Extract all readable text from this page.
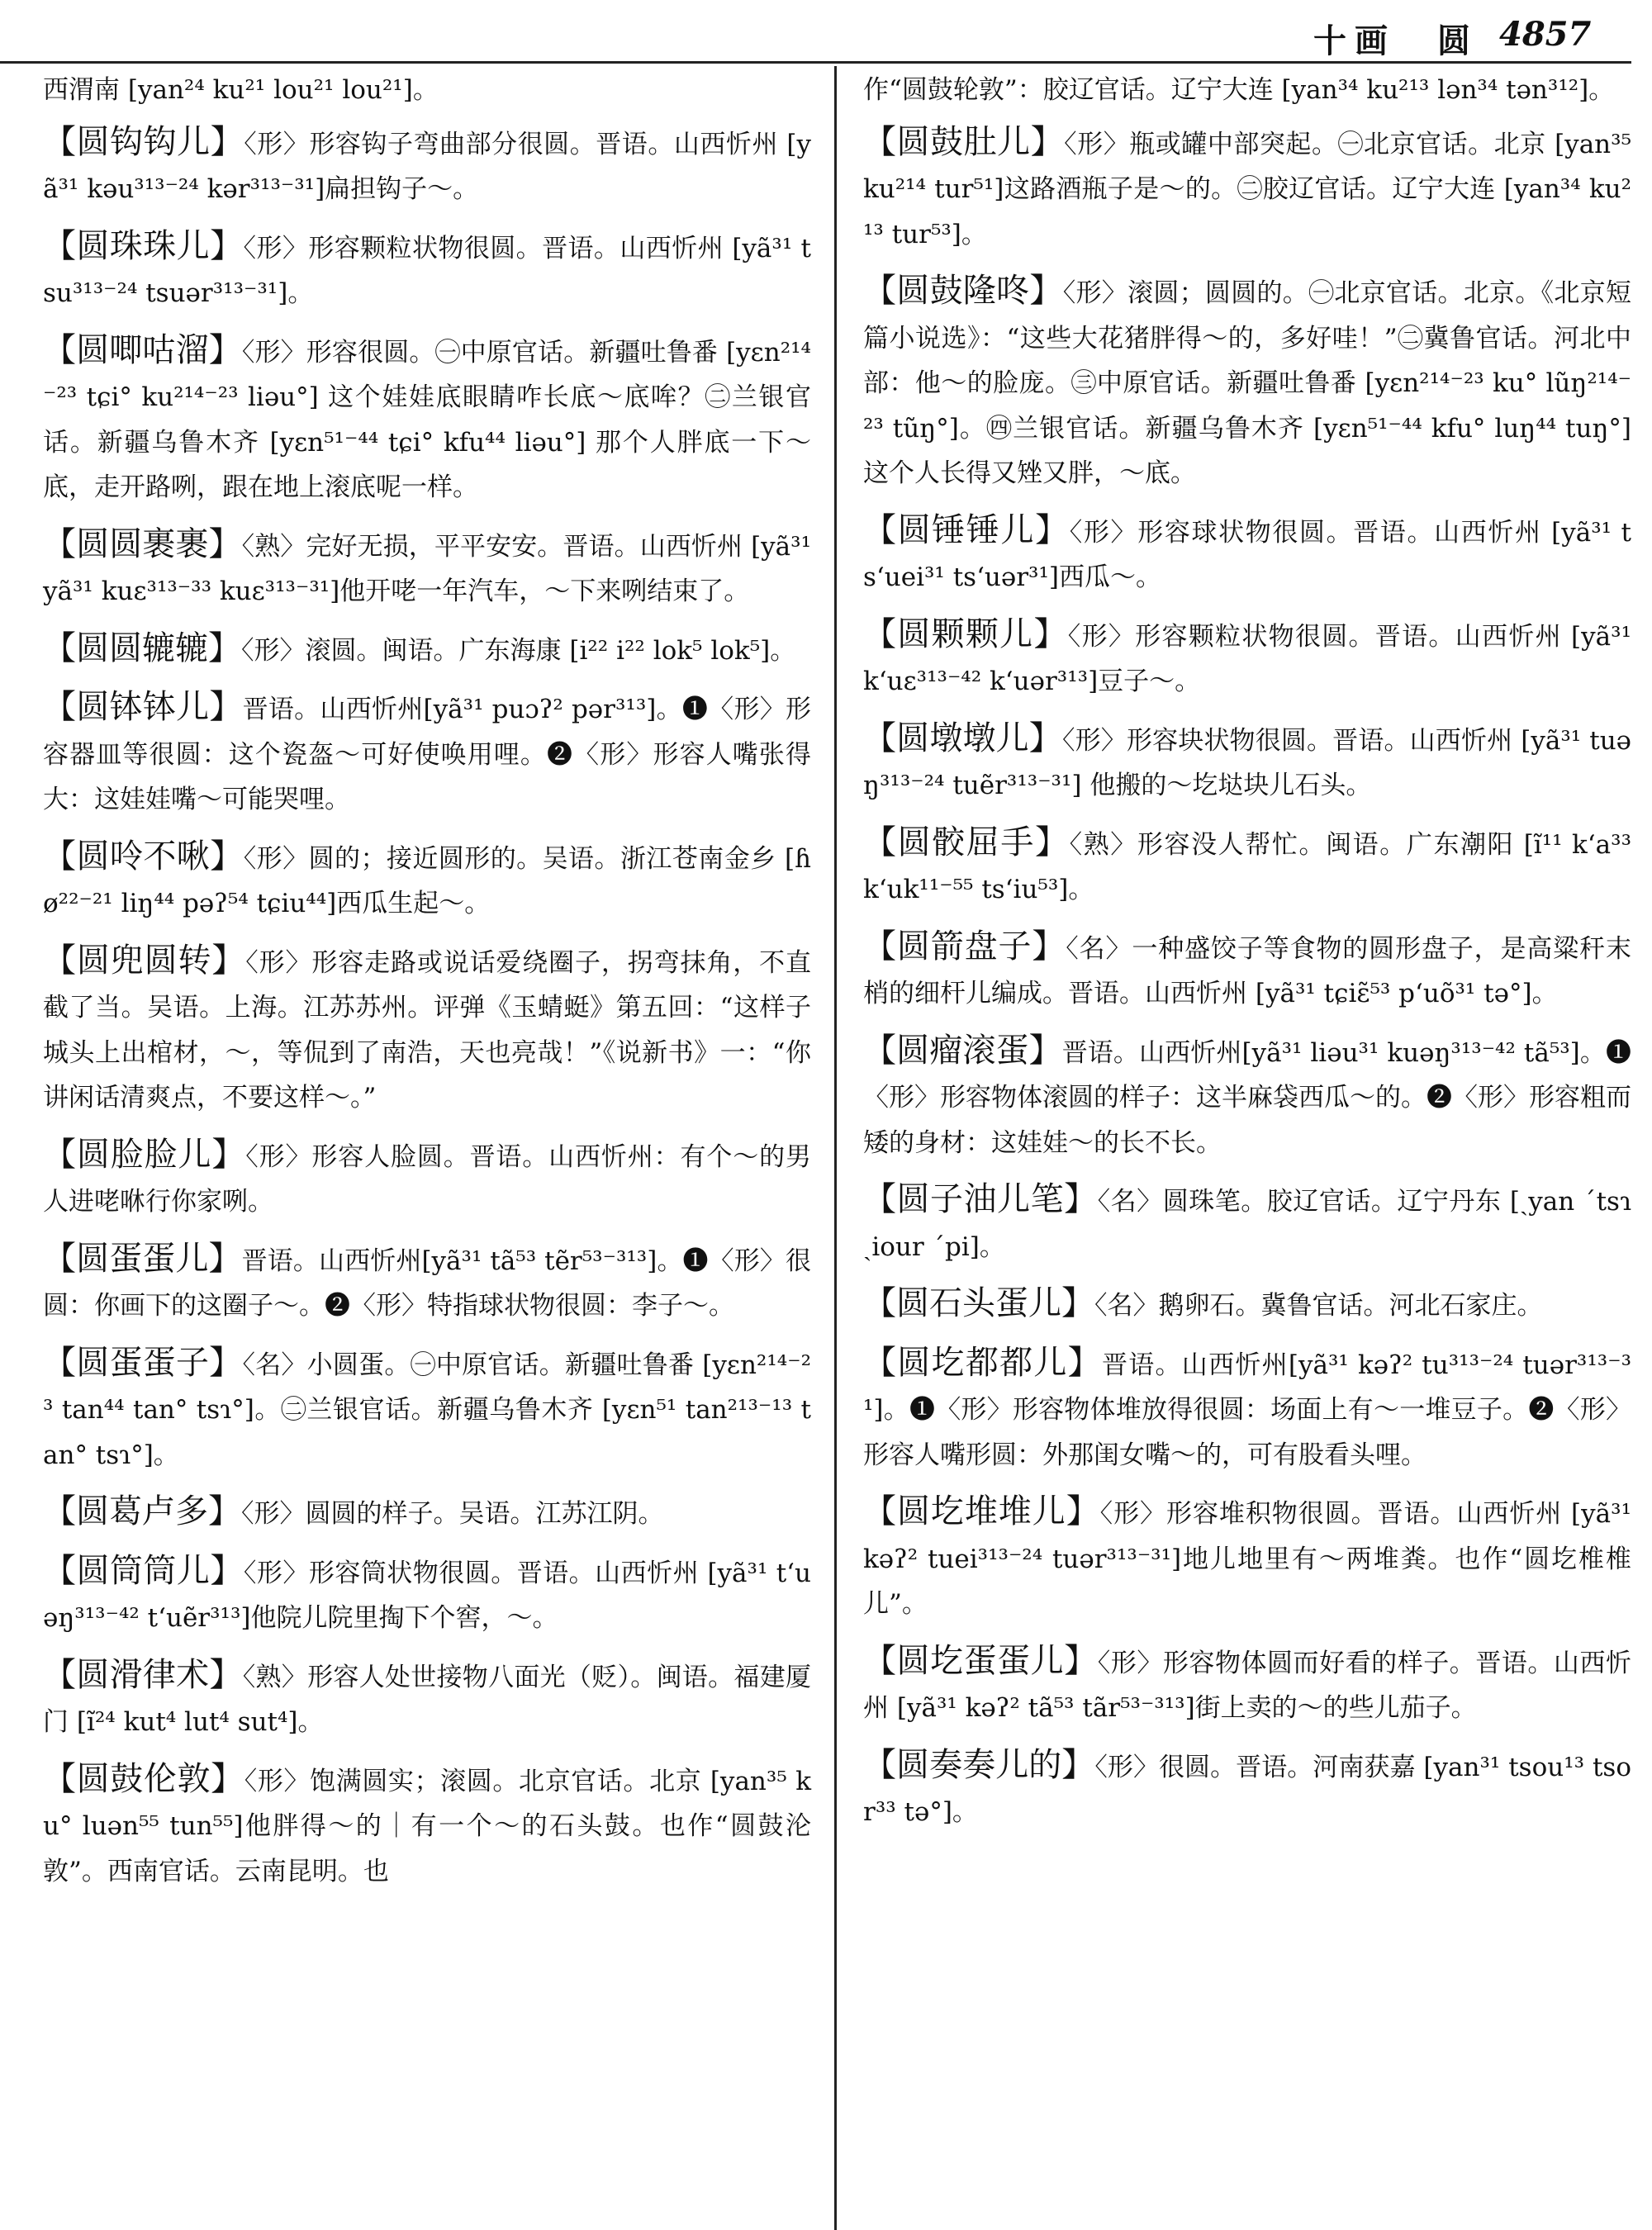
十画　圆 4857
西渭南 [yan²⁴ ku²¹ lou²¹ lou²¹]。
【圆钩钩儿】〈形〉形容钩子弯曲部分很圆。晋语。山西忻州 [yã³¹ kəu³¹³⁻²⁴ kər³¹³⁻³¹]扁担钩子～。
【圆珠珠儿】〈形〉形容颗粒状物很圆。晋语。山西忻州 [yã³¹ tsu³¹³⁻²⁴ tsuər³¹³⁻³¹]。
【圆唧咕溜】〈形〉形容很圆。㊀中原官话。新疆吐鲁番 [yɛn²¹⁴⁻²³ tɕi° ku²¹⁴⁻²³ liəu°] 这个娃娃底眼睛咋长底～底哞？㊁兰银官话。新疆乌鲁木齐 [yɛn⁵¹⁻⁴⁴ tɕi° kfu⁴⁴ liəu°] 那个人胖底一下～底，走开路咧，跟在地上滚底呢一样。
【圆圆裹裹】〈熟〉完好无损，平平安安。晋语。山西忻州 [yã³¹ yã³¹ kuɛ³¹³⁻³³ kuɛ³¹³⁻³¹]他开咾一年汽车，～下来咧结束了。
【圆圆辘辘】〈形〉滚圆。闽语。广东海康 [i²² i²² lok⁵ lok⁵]。
【圆钵钵儿】晋语。山西忻州[yã³¹ puɔʔ² pər³¹³]。❶〈形〉形容器皿等很圆：这个瓷盔～可好使唤用哩。❷〈形〉形容人嘴张得大：这娃娃嘴～可能哭哩。
【圆呤不啾】〈形〉圆的；接近圆形的。吴语。浙江苍南金乡 [ɦø²²⁻²¹ liŋ⁴⁴ pəʔ⁵⁴ tɕiu⁴⁴]西瓜生起～。
【圆兜圆转】〈形〉形容走路或说话爱绕圈子，拐弯抹角，不直截了当。吴语。上海。江苏苏州。评弹《玉蜻蜓》第五回：“这样子城头上出棺材，～，等侃到了南浩，天也亮哉！”《说新书》一：“你讲闲话清爽点，不要这样～。”
【圆脸脸儿】〈形〉形容人脸圆。晋语。山西忻州：有个～的男人进咾咻行你家咧。
【圆蛋蛋儿】晋语。山西忻州[yã³¹ tã⁵³ tẽr⁵³⁻³¹³]。❶〈形〉很圆：你画下的这圈子～。❷〈形〉特指球状物很圆：李子～。
【圆蛋蛋子】〈名〉小圆蛋。㊀中原官话。新疆吐鲁番 [yɛn²¹⁴⁻²³ tan⁴⁴ tan° tsɿ°]。㊁兰银官话。新疆乌鲁木齐 [yɛn⁵¹ tan²¹³⁻¹³ tan° tsɿ°]。
【圆葛卢多】〈形〉圆圆的样子。吴语。江苏江阴。
【圆筒筒儿】〈形〉形容筒状物很圆。晋语。山西忻州 [yã³¹ t‘uəŋ³¹³⁻⁴² t‘uẽr³¹³]他院儿院里掏下个窖，～。
【圆滑律术】〈熟〉形容人处世接物八面光（贬）。闽语。福建厦门 [ĩ²⁴ kut⁴ lut⁴ sut⁴]。
【圆鼓伦敦】〈形〉饱满圆实；滚圆。北京官话。北京 [yan³⁵ ku° luən⁵⁵ tun⁵⁵]他胖得～的｜有一个～的石头鼓。也作“圆鼓沦敦”。西南官话。云南昆明。也
作“圆鼓轮敦”：胶辽官话。辽宁大连 [yan³⁴ ku²¹³ lən³⁴ tən³¹²]。
【圆鼓肚儿】〈形〉瓶或罐中部突起。㊀北京官话。北京 [yan³⁵ ku²¹⁴ tur⁵¹]这路酒瓶子是～的。㊁胶辽官话。辽宁大连 [yan³⁴ ku²¹³ tur⁵³]。
【圆鼓隆咚】〈形〉滚圆；圆圆的。㊀北京官话。北京。《北京短篇小说选》：“这些大花猪胖得～的，多好哇！”㊁冀鲁官话。河北中部：他～的脸庞。㊂中原官话。新疆吐鲁番 [yɛn²¹⁴⁻²³ ku° lũŋ²¹⁴⁻²³ tũŋ°]。㊃兰银官话。新疆乌鲁木齐 [yɛn⁵¹⁻⁴⁴ kfu° luŋ⁴⁴ tuŋ°] 这个人长得又矬又胖，～底。
【圆锤锤儿】〈形〉形容球状物很圆。晋语。山西忻州 [yã³¹ ts‘uei³¹ ts‘uər³¹]西瓜～。
【圆颗颗儿】〈形〉形容颗粒状物很圆。晋语。山西忻州 [yã³¹ k‘uɛ³¹³⁻⁴² k‘uər³¹³]豆子～。
【圆墩墩儿】〈形〉形容块状物很圆。晋语。山西忻州 [yã³¹ tuəŋ³¹³⁻²⁴ tuẽr³¹³⁻³¹] 他搬的～圪垯块儿石头。
【圆骹屈手】〈熟〉形容没人帮忙。闽语。广东潮阳 [ĩ¹¹ k‘a³³ k‘uk¹¹⁻⁵⁵ ts‘iu⁵³]。
【圆箭盘子】〈名〉一种盛饺子等食物的圆形盘子，是高粱秆末梢的细杆儿编成。晋语。山西忻州 [yã³¹ tɕiɛ̃⁵³ p‘uõ³¹ tə°]。
【圆瘤滚蛋】晋语。山西忻州[yã³¹ liəu³¹ kuəŋ³¹³⁻⁴² tã⁵³]。❶〈形〉形容物体滚圆的样子：这半麻袋西瓜～的。❷〈形〉形容粗而矮的身材：这娃娃～的长不长。
【圆子油儿笔】〈名〉圆珠笔。胶辽官话。辽宁丹东 [ˏyan ˊtsɿ ˏiour ˊpi]。
【圆石头蛋儿】〈名〉鹅卵石。冀鲁官话。河北石家庄。
【圆圪都都儿】晋语。山西忻州[yã³¹ kəʔ² tu³¹³⁻²⁴ tuər³¹³⁻³¹]。❶〈形〉形容物体堆放得很圆：场面上有～一堆豆子。❷〈形〉形容人嘴形圆：外那闺女嘴～的，可有股看头哩。
【圆圪堆堆儿】〈形〉形容堆积物很圆。晋语。山西忻州 [yã³¹ kəʔ² tuei³¹³⁻²⁴ tuər³¹³⁻³¹]地儿地里有～两堆粪。也作“圆圪椎椎儿”。
【圆圪蛋蛋儿】〈形〉形容物体圆而好看的样子。晋语。山西忻州 [yã³¹ kəʔ² tã⁵³ tãr⁵³⁻³¹³]街上卖的～的些儿茄子。
【圆奏奏儿的】〈形〉很圆。晋语。河南获嘉 [yan³¹ tsou¹³ tsor³³ tə°]。
